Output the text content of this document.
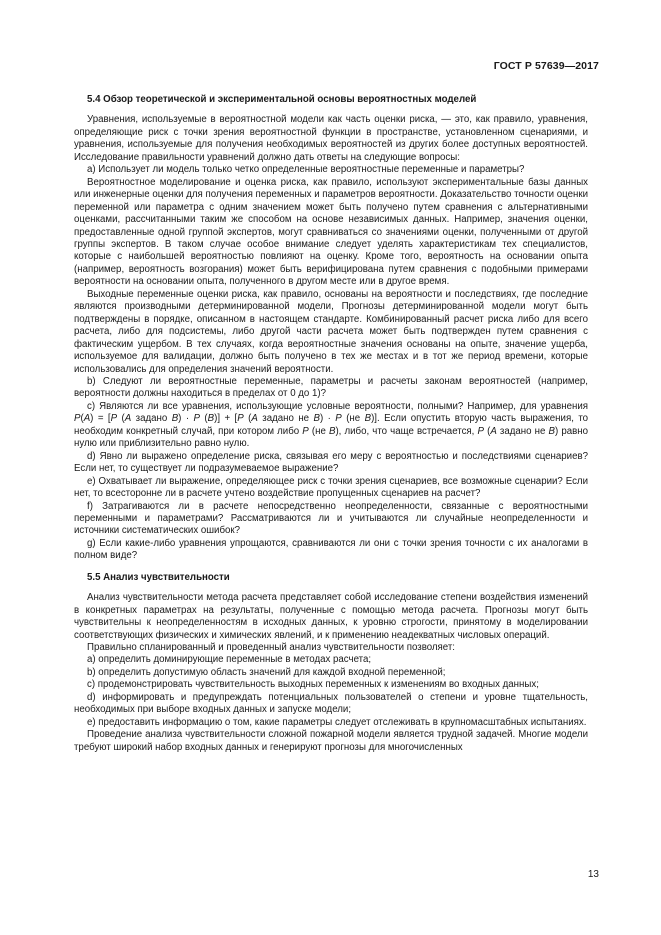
ГОСТ Р 57639—2017
5.4 Обзор теоретической и экспериментальной основы вероятностных моделей

Уравнения, используемые в вероятностной модели как часть оценки риска, — это, как правило, уравнения, определяющие риск с точки зрения вероятностной функции в пространстве, установленном сценариями, и уравнения, используемые для получения необходимых вероятностей из других более доступных вероятностей. Исследование правильности уравнений должно дать ответы на следующие вопросы:

a) Использует ли модель только четко определенные вероятностные переменные и параметры?

Вероятностное моделирование и оценка риска, как правило, используют экспериментальные базы данных или инженерные оценки для получения переменных и параметров вероятности. Доказательство точности оценки переменной или параметра с одним значением может быть получено путем сравнения с альтернативными оценками, рассчитанными таким же способом на основе независимых данных. Например, значения оценки, предоставленные одной группой экспертов, могут сравниваться со значениями оценки, полученными от другой группы экспертов. В таком случае особое внимание следует уделять характеристикам тех специалистов, которые с наибольшей вероятностью повлияют на оценку. Кроме того, вероятность на основании опыта (например, вероятность возгорания) может быть верифицирована путем сравнения с подобными примерами вероятности на основании опыта, полученного в другом месте или в другое время.

Выходные переменные оценки риска, как правило, основаны на вероятности и последствиях, где последние являются производными детерминированной модели, Прогнозы детерминированной модели могут быть подтверждены в порядке, описанном в настоящем стандарте. Комбинированный расчет риска либо для всего расчета, либо для подсистемы, либо другой части расчета может быть подтвержден путем сравнения с фактическим ущербом. В тех случаях, когда вероятностные значения основаны на опыте, значение ущерба, используемое для валидации, должно быть получено в тех же местах и в тот же период времени, которые использовались для определения значений вероятности.

b) Следуют ли вероятностные переменные, параметры и расчеты законам вероятностей (например, вероятности должны находиться в пределах от 0 до 1)?

c) Являются ли все уравнения, использующие условные вероятности, полными? Например, для уравнения P(A) = [P (A задано B) · P (B)] + [P (A задано не B) · P (не B)]. Если опустить вторую часть выражения, то необходим конкретный случай, при котором либо P (не B), либо, что чаще встречается, P (A задано не B) равно нулю или приблизительно равно нулю.

d) Явно ли выражено определение риска, связывая его меру с вероятностью и последствиями сценариев? Если нет, то существует ли подразумеваемое выражение?

e) Охватывает ли выражение, определяющее риск с точки зрения сценариев, все возможные сценарии? Если нет, то всесторонне ли в расчете учтено воздействие пропущенных сценариев на расчет?

f) Затрагиваются ли в расчете непосредственно неопределенности, связанные с вероятностными переменными и параметрами? Рассматриваются ли и учитываются ли случайные неопределенности и источники систематических ошибок?

g) Если какие-либо уравнения упрощаются, сравниваются ли они с точки зрения точности с их аналогами в полном виде?

5.5 Анализ чувствительности

Анализ чувствительности метода расчета представляет собой исследование степени воздействия изменений в конкретных параметрах на результаты, полученные с помощью метода расчета. Прогнозы могут быть чувствительны к неопределенностям в исходных данных, к уровню строгости, принятому в моделировании соответствующих физических и химических явлений, и к применению неадекватных числовых операций.

Правильно спланированный и проведенный анализ чувствительности позволяет:

а) определить доминирующие переменные в методах расчета;

b) определить допустимую область значений для каждой входной переменной;

c) продемонстрировать чувствительность выходных переменных к изменениям во входных данных;

d) информировать и предупреждать потенциальных пользователей о степени и уровне тщательность, необходимых при выборе входных данных и запуске модели;

e) предоставить информацию о том, какие параметры следует отслеживать в крупномасштабных испытаниях.

Проведение анализа чувствительности сложной пожарной модели является трудной задачей. Многие модели требуют широкий набор входных данных и генерируют прогнозы для многочисленных

13
